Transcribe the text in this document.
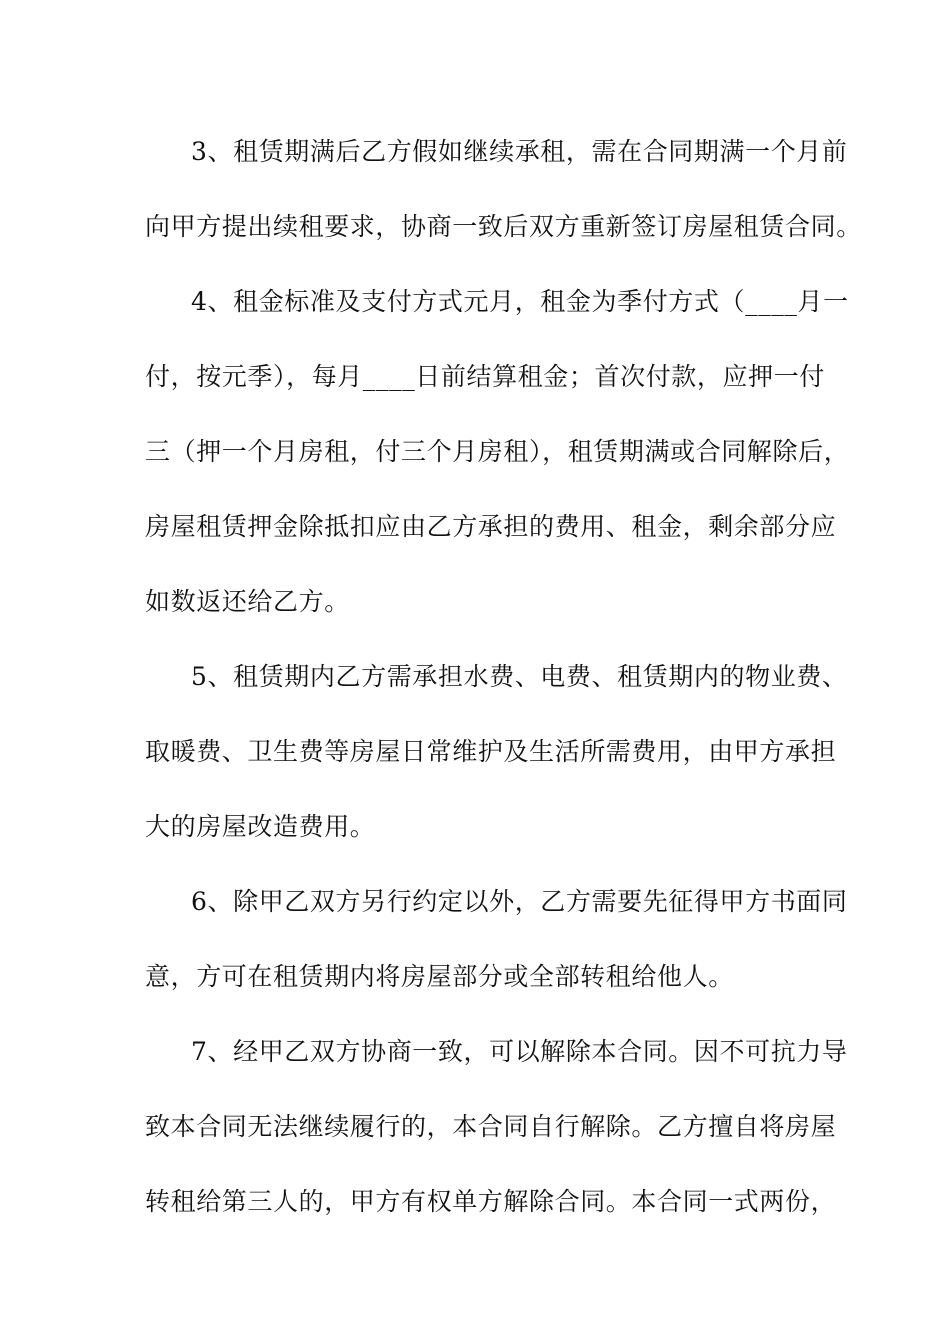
3、租赁期满后乙方假如继续承租，需在合同期满一个月前
向甲方提出续租要求，协商一致后双方重新签订房屋租赁合同。
4、租金标准及支付方式元月，租金为季付方式（____月一
付，按元季），每月____日前结算租金；首次付款，应押一付
三（押一个月房租，付三个月房租），租赁期满或合同解除后，
房屋租赁押金除抵扣应由乙方承担的费用、租金，剩余部分应
如数返还给乙方。
5、租赁期内乙方需承担水费、电费、租赁期内的物业费、
取暖费、卫生费等房屋日常维护及生活所需费用，由甲方承担
大的房屋改造费用。
6、除甲乙双方另行约定以外，乙方需要先征得甲方书面同
意，方可在租赁期内将房屋部分或全部转租给他人。
7、经甲乙双方协商一致，可以解除本合同。因不可抗力导
致本合同无法继续履行的，本合同自行解除。乙方擅自将房屋
转租给第三人的，甲方有权单方解除合同。本合同一式两份，
